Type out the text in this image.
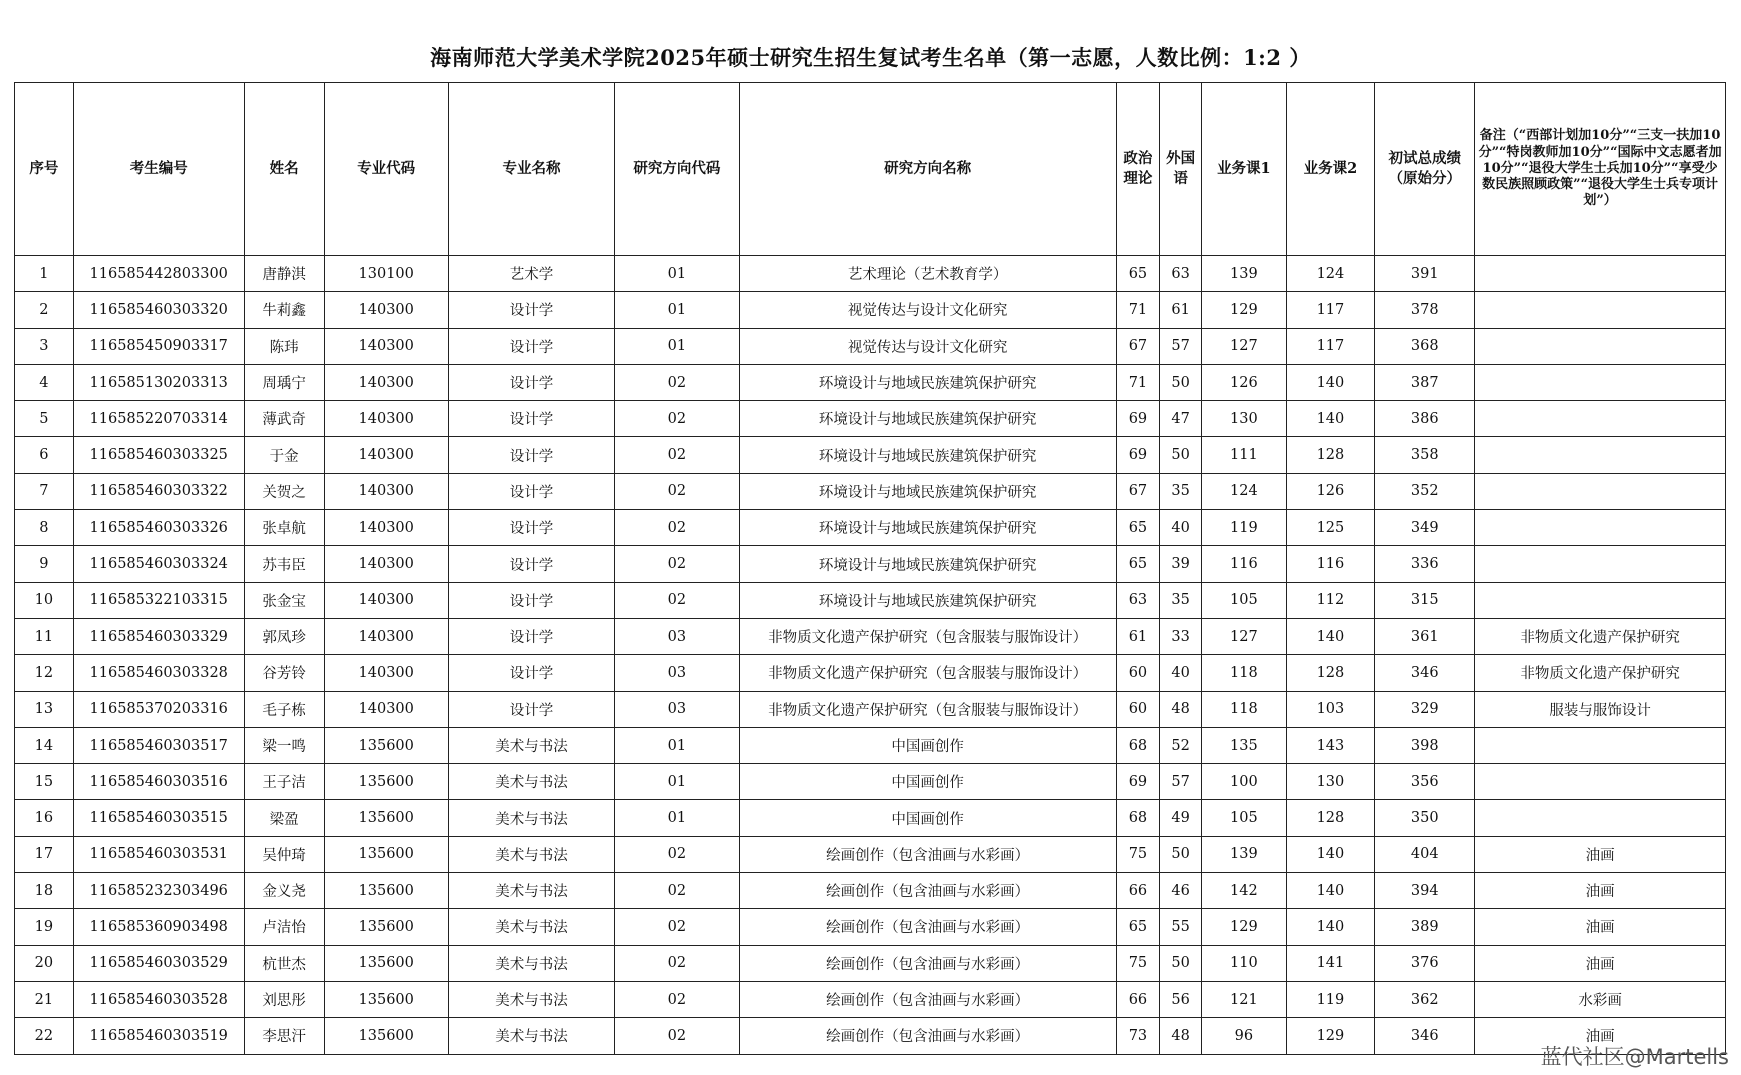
海南师范大学美术学院2025年硕士研究生招生复试考生名单（第一志愿，人数比例：1:2 ）
序号	考生编号	姓名	专业代码	专业名称	研究方向代码	研究方向名称	政治理论	外国语	业务课1	业务课2	初试总成绩（原始分）	备注（“西部计划加10分”“三支一扶加10分”“特岗教师加10分”“国际中文志愿者加10分”“退役大学生士兵加10分”“享受少数民族照顾政策”“退役大学生士兵专项计划”）
1	116585442803300	唐静淇	130100	艺术学	01	艺术理论（艺术教育学）	65	63	139	124	391	
2	116585460303320	牛莉鑫	140300	设计学	01	视觉传达与设计文化研究	71	61	129	117	378	
3	116585450903317	陈玮	140300	设计学	01	视觉传达与设计文化研究	67	57	127	117	368	
4	116585130203313	周瑀宁	140300	设计学	02	环境设计与地域民族建筑保护研究	71	50	126	140	387	
5	116585220703314	薄武奇	140300	设计学	02	环境设计与地域民族建筑保护研究	69	47	130	140	386	
6	116585460303325	于金	140300	设计学	02	环境设计与地域民族建筑保护研究	69	50	111	128	358	
7	116585460303322	关贺之	140300	设计学	02	环境设计与地域民族建筑保护研究	67	35	124	126	352	
8	116585460303326	张卓航	140300	设计学	02	环境设计与地域民族建筑保护研究	65	40	119	125	349	
9	116585460303324	苏韦臣	140300	设计学	02	环境设计与地域民族建筑保护研究	65	39	116	116	336	
10	116585322103315	张金宝	140300	设计学	02	环境设计与地域民族建筑保护研究	63	35	105	112	315	
11	116585460303329	郭凤珍	140300	设计学	03	非物质文化遗产保护研究（包含服装与服饰设计）	61	33	127	140	361	非物质文化遗产保护研究
12	116585460303328	谷芳铃	140300	设计学	03	非物质文化遗产保护研究（包含服装与服饰设计）	60	40	118	128	346	非物质文化遗产保护研究
13	116585370203316	毛子栋	140300	设计学	03	非物质文化遗产保护研究（包含服装与服饰设计）	60	48	118	103	329	服装与服饰设计
14	116585460303517	梁一鸣	135600	美术与书法	01	中国画创作	68	52	135	143	398	
15	116585460303516	王子洁	135600	美术与书法	01	中国画创作	69	57	100	130	356	
16	116585460303515	梁盈	135600	美术与书法	01	中国画创作	68	49	105	128	350	
17	116585460303531	吴仲琦	135600	美术与书法	02	绘画创作（包含油画与水彩画）	75	50	139	140	404	油画
18	116585232303496	金义尧	135600	美术与书法	02	绘画创作（包含油画与水彩画）	66	46	142	140	394	油画
19	116585360903498	卢洁怡	135600	美术与书法	02	绘画创作（包含油画与水彩画）	65	55	129	140	389	油画
20	116585460303529	杭世杰	135600	美术与书法	02	绘画创作（包含油画与水彩画）	75	50	110	141	376	油画
21	116585460303528	刘思彤	135600	美术与书法	02	绘画创作（包含油画与水彩画）	66	56	121	119	362	水彩画
22	116585460303519	李思汗	135600	美术与书法	02	绘画创作（包含油画与水彩画）	73	48	96	129	346	油画
蓝代社区@Martells
